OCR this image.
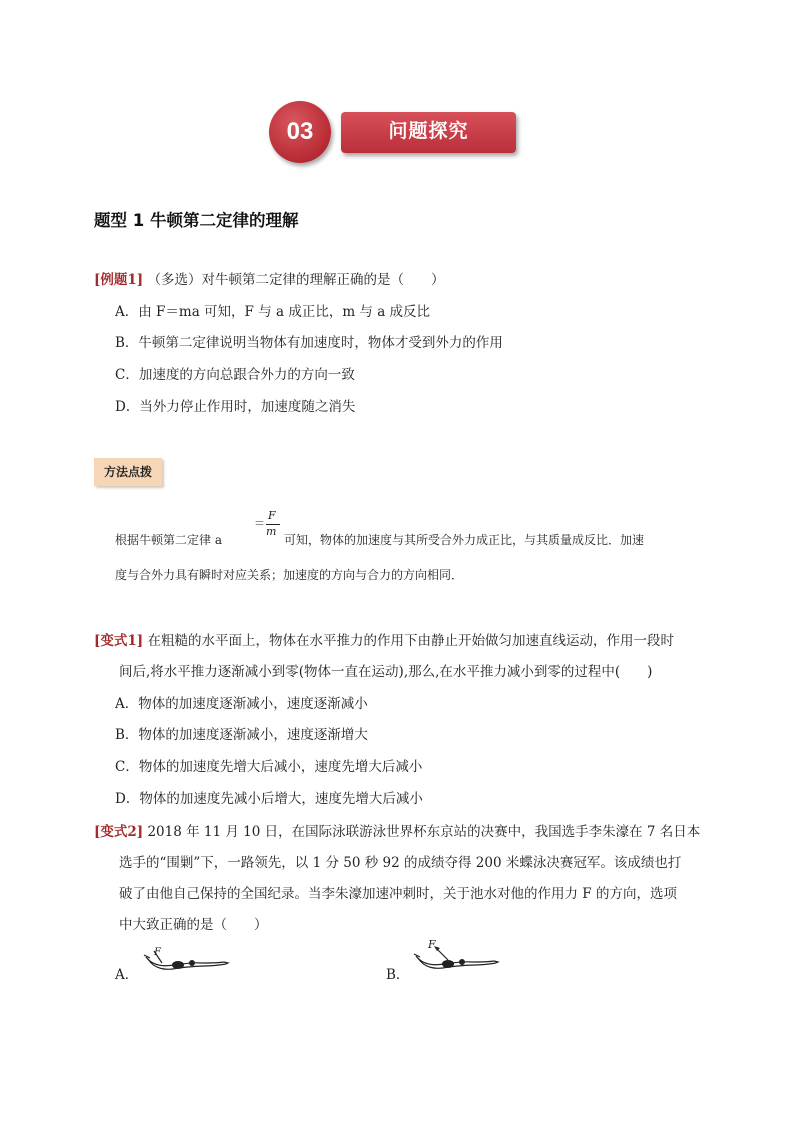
03	问题探究
题型 1 牛顿第二定律的理解
[例题1] （多选）对牛顿第二定律的理解正确的是（　　）
A．由 F＝ma 可知，F 与 a 成正比，m 与 a 成反比
B．牛顿第二定律说明当物体有加速度时，物体才受到外力的作用
C．加速度的方向总跟合外力的方向一致
D．当外力停止作用时，加速度随之消失
方法点拨
根据牛顿第二定律 a
＝
F
m
可知，物体的加速度与其所受合外力成正比，与其质量成反比．加速
度与合外力具有瞬时对应关系；加速度的方向与合力的方向相同．
[变式1] 在粗糙的水平面上，物体在水平推力的作用下由静止开始做匀加速直线运动，作用一段时
间后,将水平推力逐渐减小到零(物体一直在运动),那么,在水平推力减小到零的过程中(　　)
A．物体的加速度逐渐减小，速度逐渐减小
B．物体的加速度逐渐减小，速度逐渐增大
C．物体的加速度先增大后减小，速度先增大后减小
D．物体的加速度先减小后增大，速度先增大后减小
[变式2] 2018 年 11 月 10 日，在国际泳联游泳世界杯东京站的决赛中，我国选手李朱濠在 7 名日本
选手的“围剿”下，一路领先，以 1 分 50 秒 92 的成绩夺得 200 米蝶泳决赛冠军。该成绩也打
破了由他自己保持的全国纪录。当李朱濠加速冲刺时，关于池水对他的作用力 F 的方向，选项
中大致正确的是（　　）
A．
F
B．
F
